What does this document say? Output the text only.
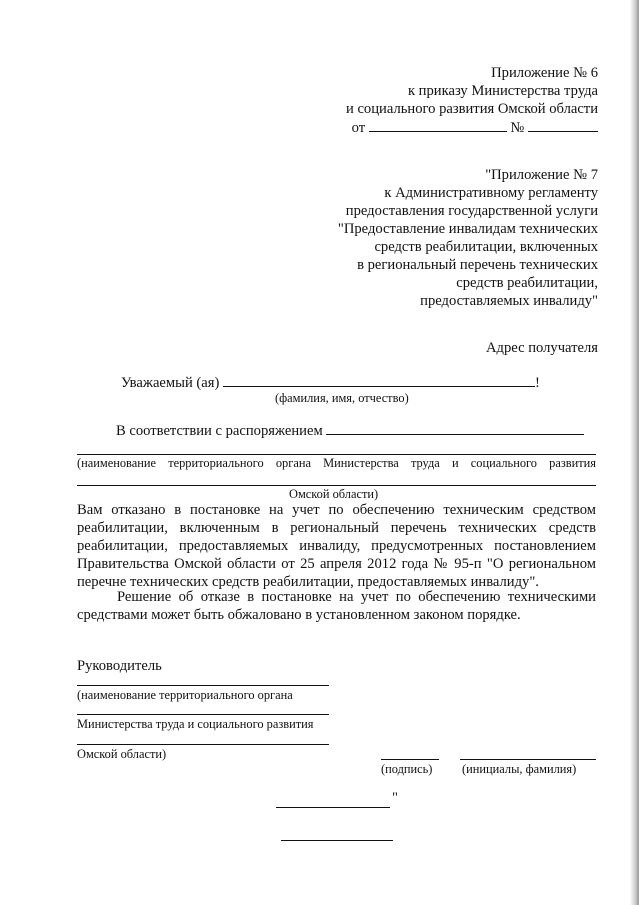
Приложение № 6
к приказу Министерства труда
и социального развития Омской области
от	№
"Приложение № 7
к Административному регламенту
предоставления государственной услуги
"Предоставление инвалидам технических
средств реабилитации, включенных
в региональный перечень технических
средств реабилитации,
предоставляемых инвалиду"
Адрес получателя
Уважаемый (ая)	!
(фамилия, имя, отчество)
В соответствии с распоряжением
(наименование территориального органа Министерства труда и социального развития
Омской области)
Вам отказано в постановке на учет по обеспечению техническим средством
реабилитации, включенным в региональный перечень технических средств
реабилитации, предоставляемых инвалиду, предусмотренных постановлением
Правительства Омской области от 25 апреля 2012 года № 95-п "О региональном
перечне технических средств реабилитации, предоставляемых инвалиду".
Решение об отказе в постановке на учет по обеспечению техническими
средствами может быть обжаловано в установленном законом порядке.
Руководитель
(наименование территориального органа
Министерства труда и социального развития
Омской области)
(подпись) (инициалы, фамилия)
"
